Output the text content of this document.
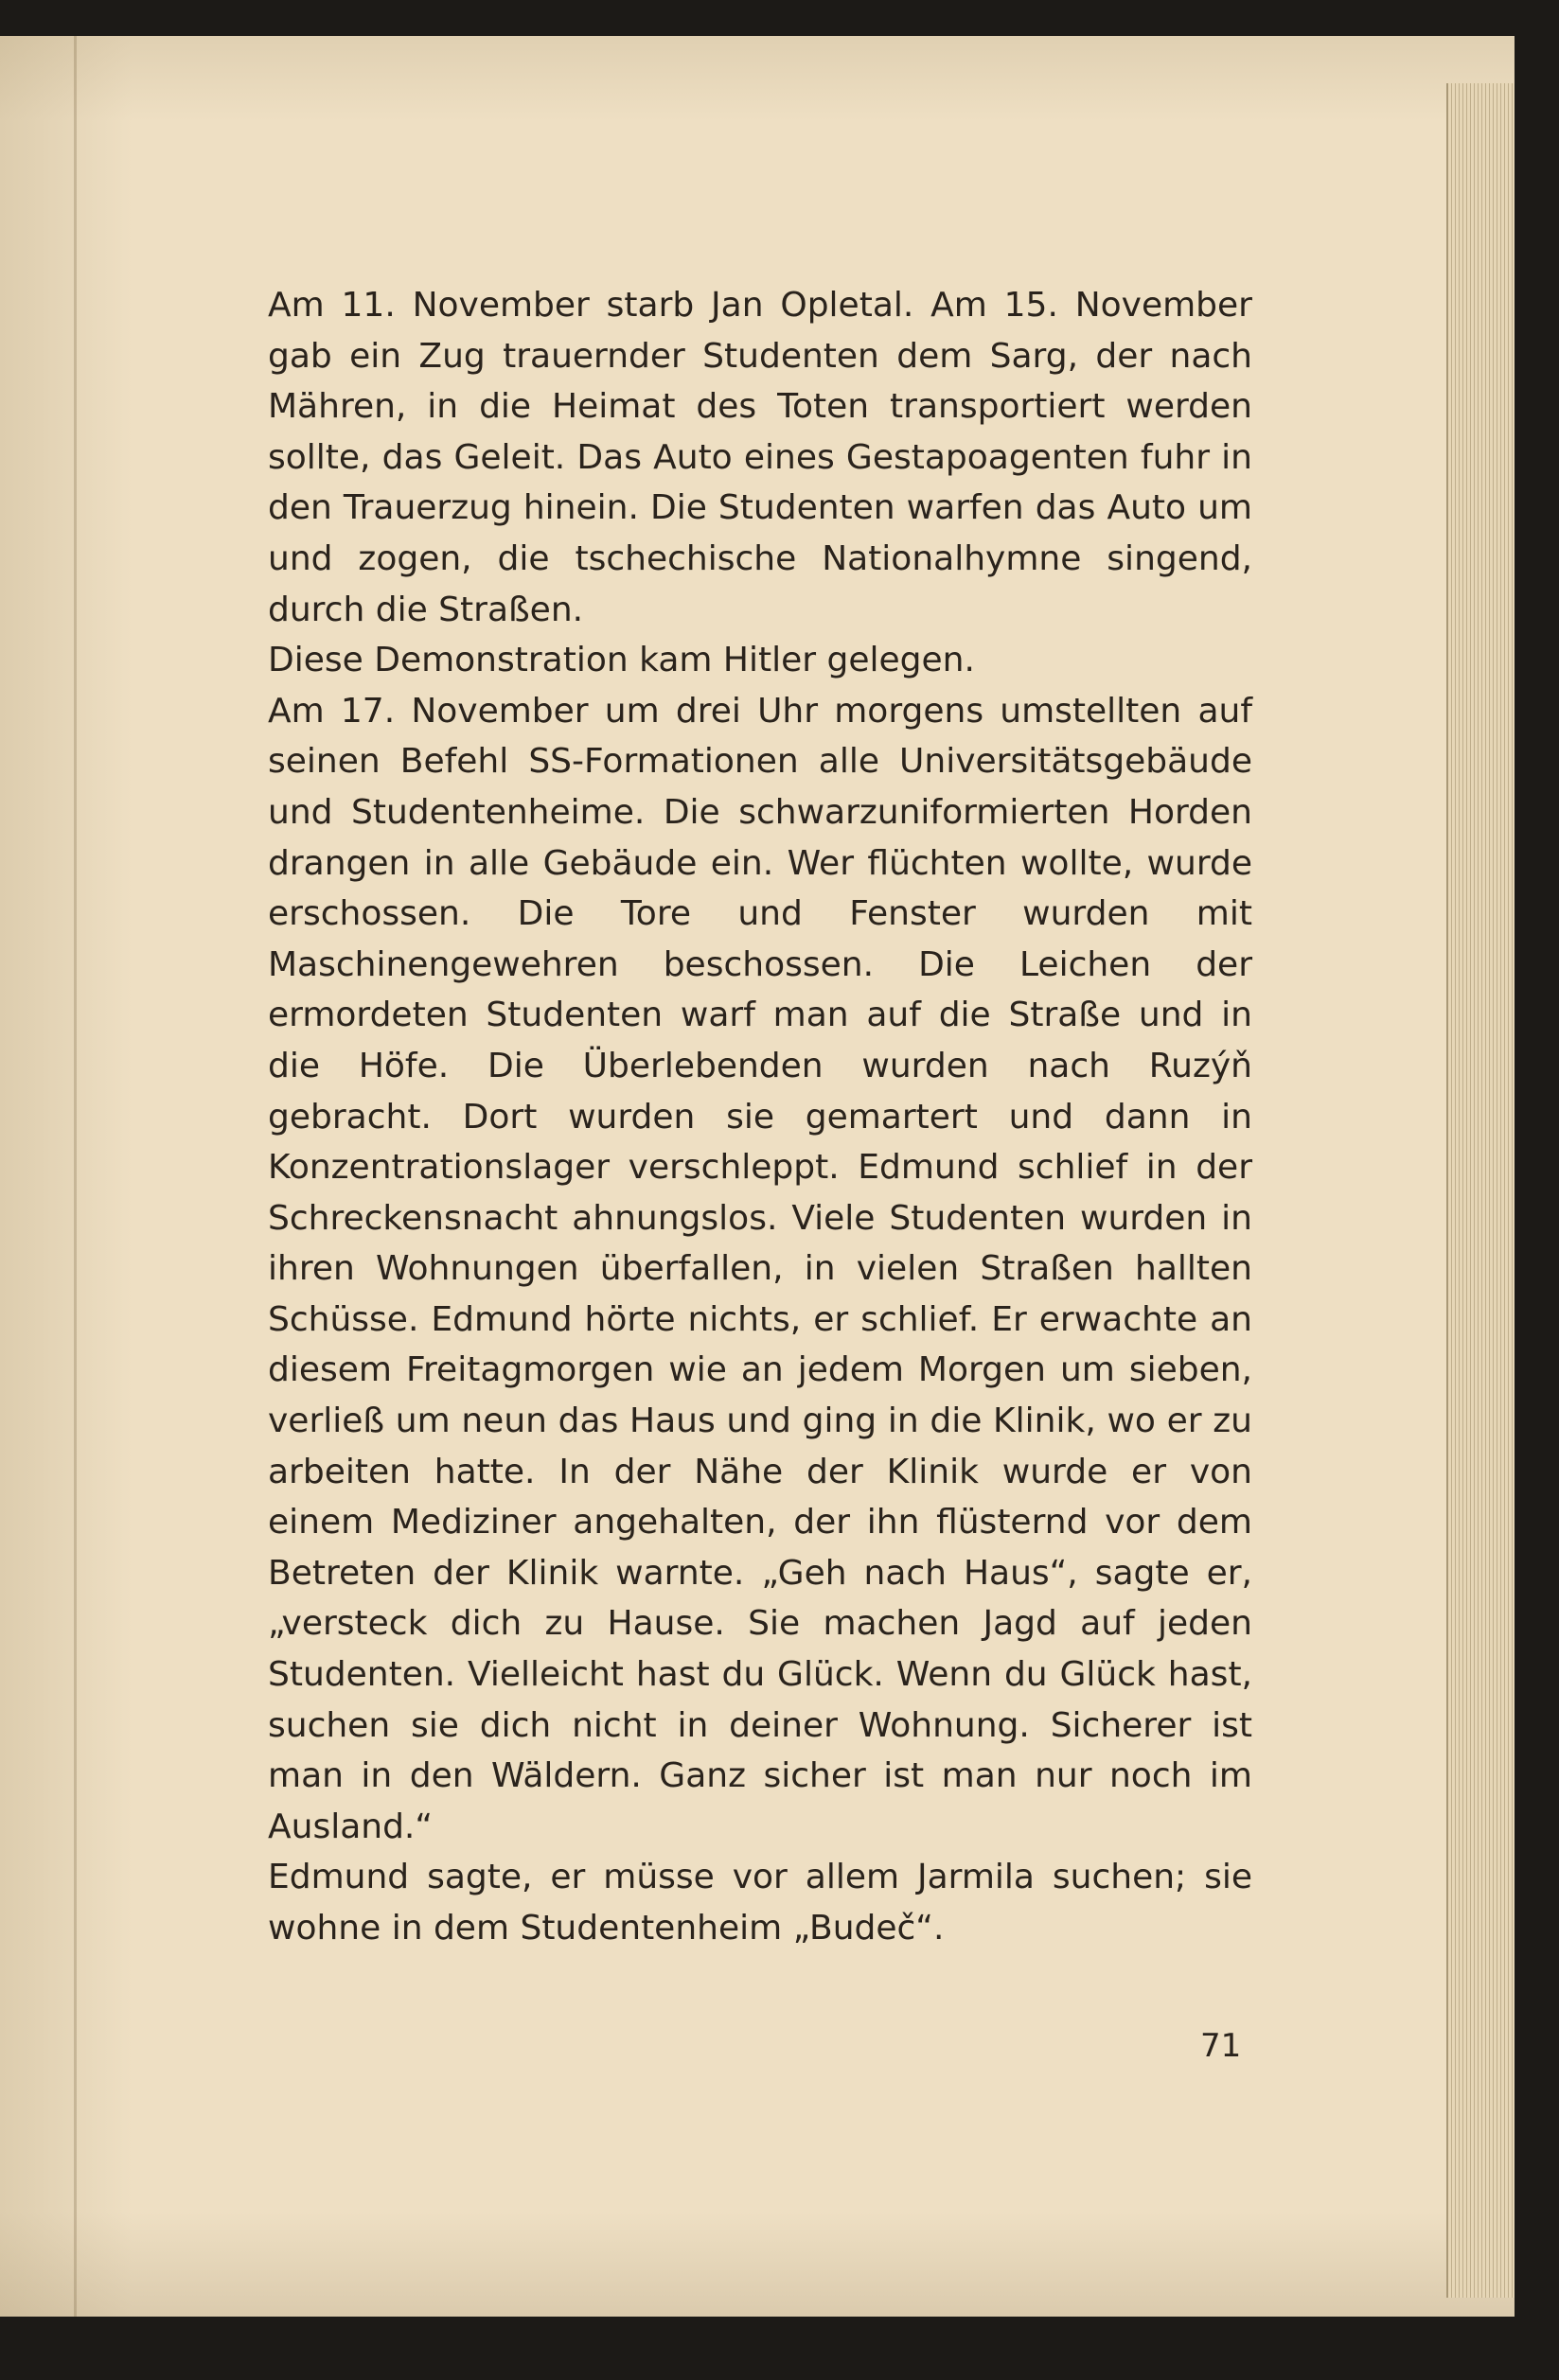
Am 11. November starb Jan Opletal. Am 15. November gab ein Zug trauernder Studenten dem Sarg, der nach Mähren, in die Heimat des Toten transportiert werden sollte, das Geleit. Das Auto eines Gestapoagenten fuhr in den Trauerzug hinein. Die Studenten warfen das Auto um und zogen, die tschechische Nationalhymne singend, durch die Straßen.

Diese Demonstration kam Hitler gelegen.

Am 17. November um drei Uhr morgens umstellten auf seinen Befehl SS-Formationen alle Universitätsgebäude und Studentenheime. Die schwarzuniformierten Horden drangen in alle Gebäude ein. Wer flüchten wollte, wurde erschossen. Die Tore und Fenster wurden mit Maschinengewehren beschossen. Die Leichen der ermordeten Studenten warf man auf die Straße und in die Höfe. Die Überlebenden wurden nach Ruzýň gebracht. Dort wurden sie gemartert und dann in Konzentrationslager verschleppt. Edmund schlief in der Schreckensnacht ahnungslos. Viele Studenten wurden in ihren Wohnungen überfallen, in vielen Straßen hallten Schüsse. Edmund hörte nichts, er schlief. Er erwachte an diesem Freitagmorgen wie an jedem Morgen um sieben, verließ um neun das Haus und ging in die Klinik, wo er zu arbeiten hatte. In der Nähe der Klinik wurde er von einem Mediziner angehalten, der ihn flüsternd vor dem Betreten der Klinik warnte. „Geh nach Haus“, sagte er, „versteck dich zu Hause. Sie machen Jagd auf jeden Studenten. Vielleicht hast du Glück. Wenn du Glück hast, suchen sie dich nicht in deiner Wohnung. Sicherer ist man in den Wäldern. Ganz sicher ist man nur noch im Ausland.“

Edmund sagte, er müsse vor allem Jarmila suchen; sie wohne in dem Studentenheim „Budeč“.

71
